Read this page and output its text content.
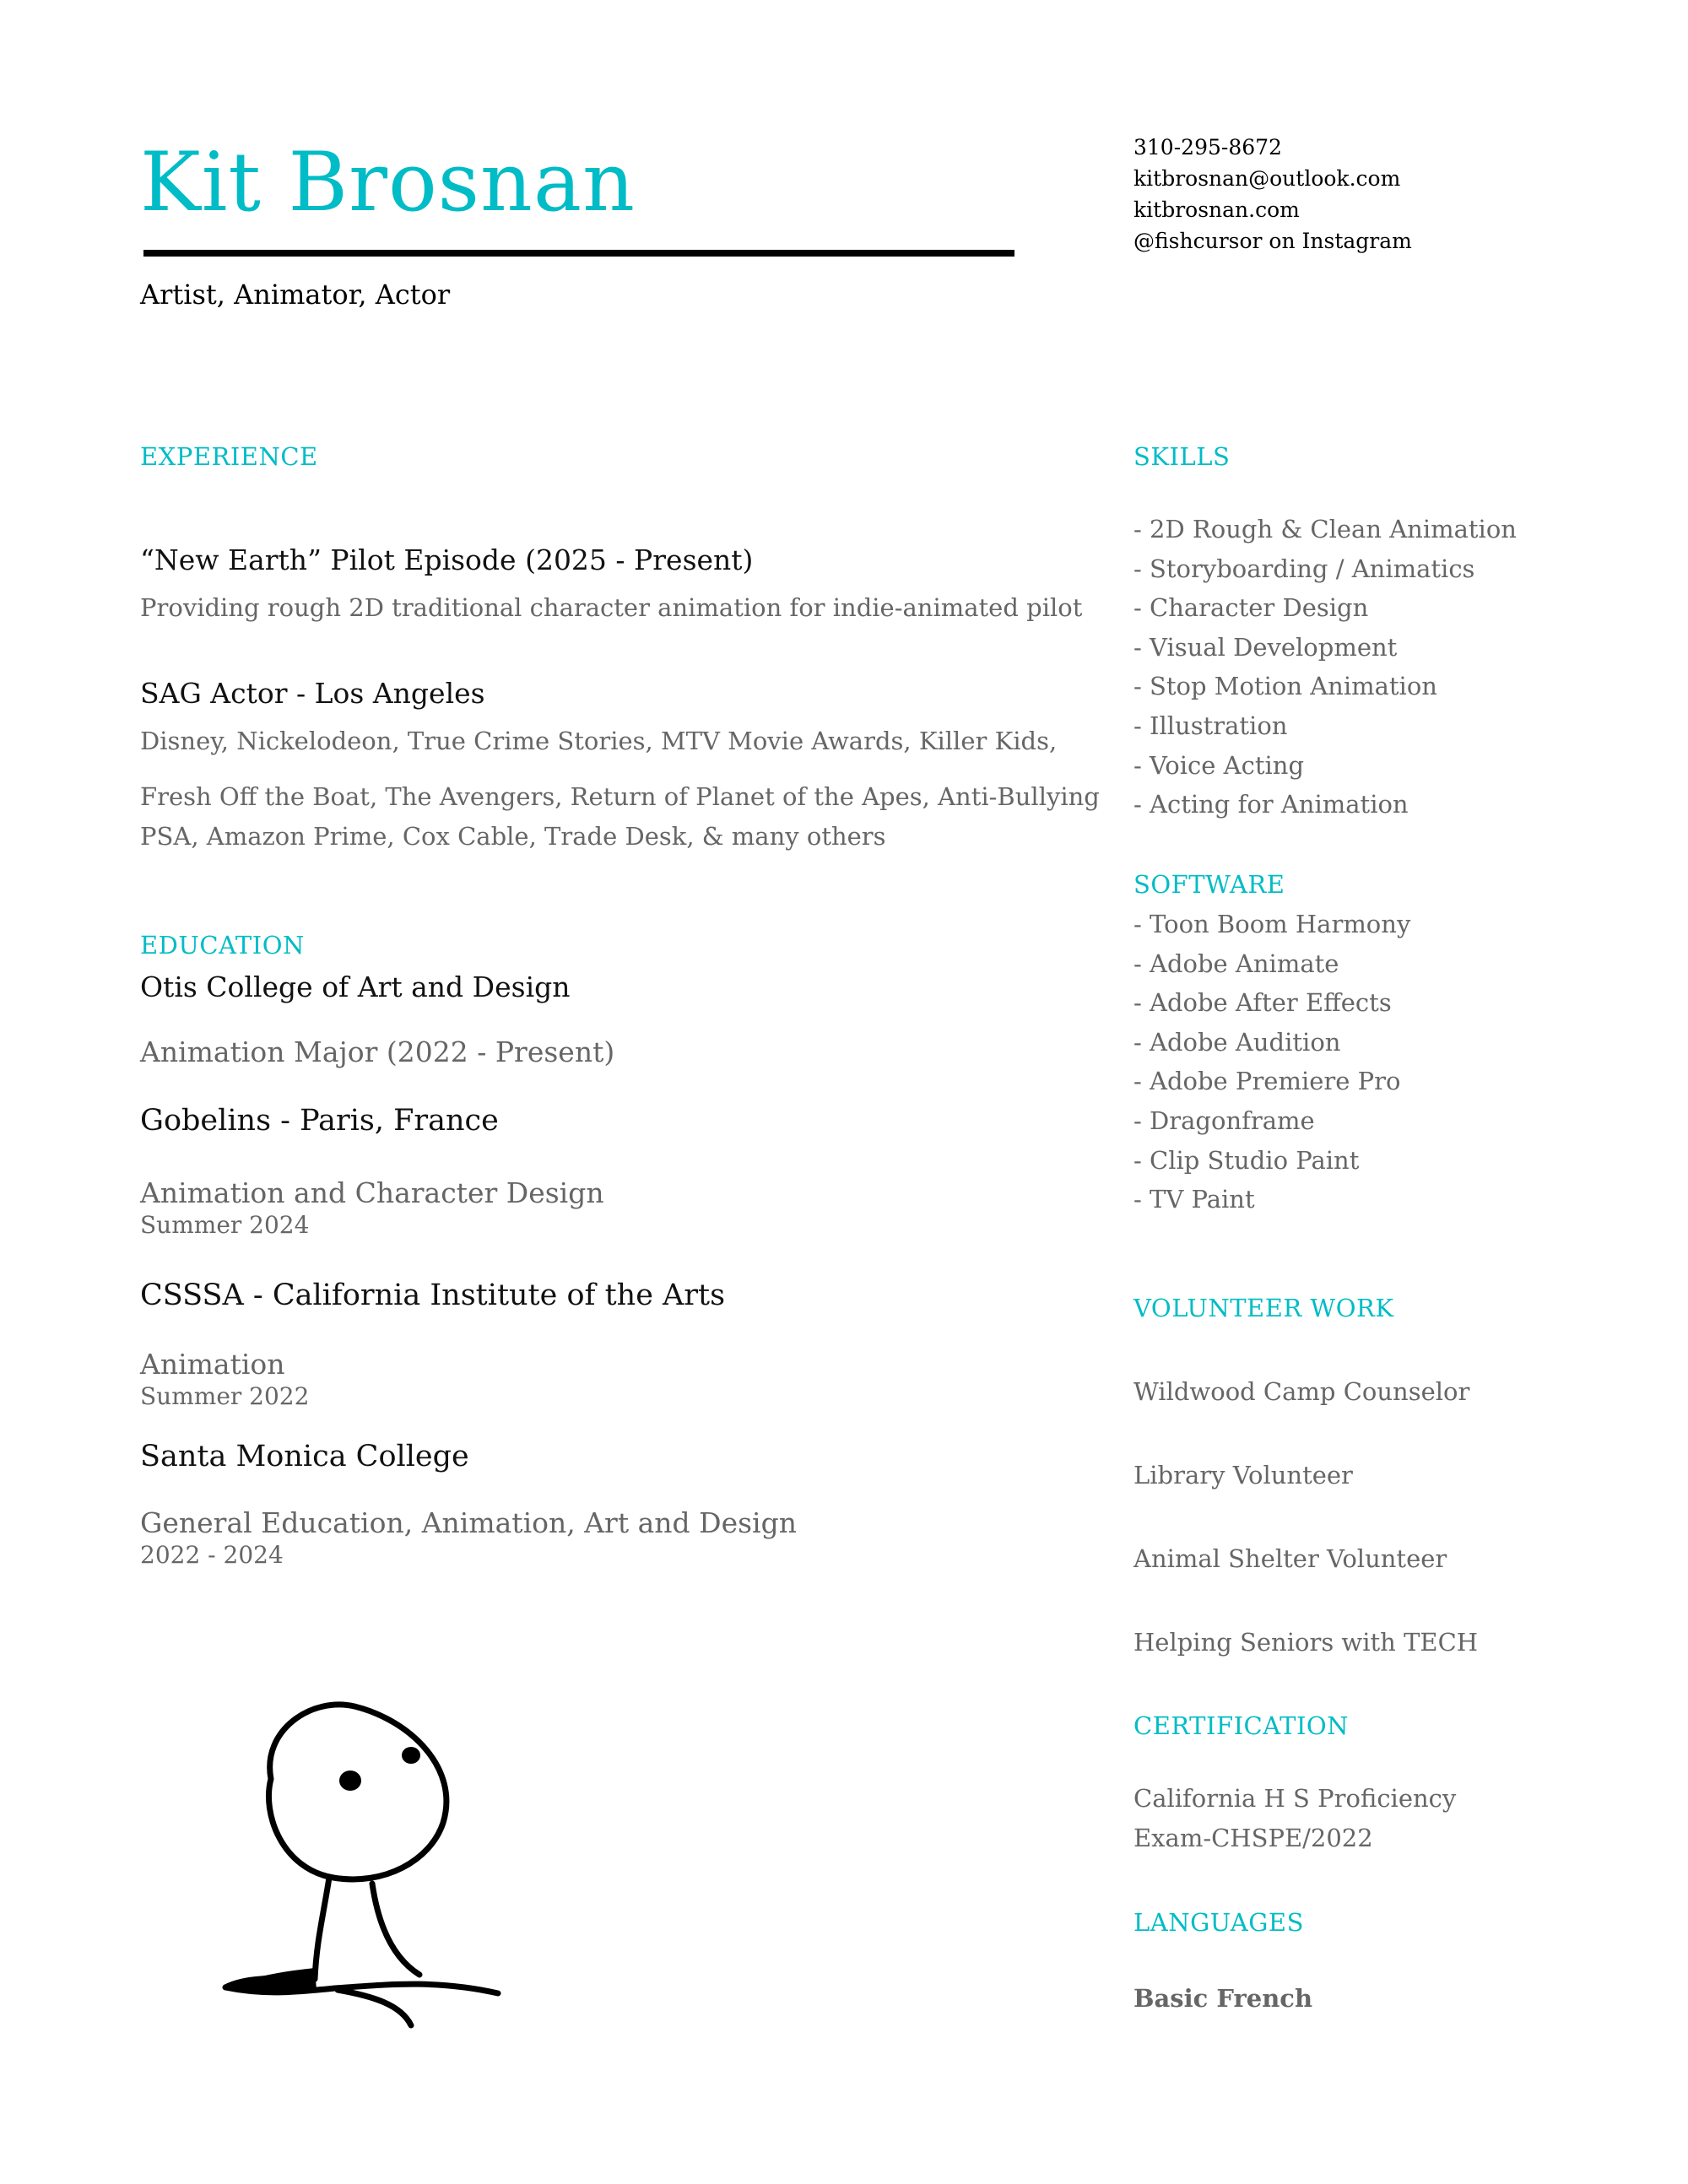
Kit Brosnan
Artist, Animator, Actor
310-295-8672
kitbrosnan@outlook.com
kitbrosnan.com
@fishcursor on Instagram
EXPERIENCE
“New Earth” Pilot Episode (2025 - Present)
Providing rough 2D traditional character animation for indie-animated pilot
SAG Actor - Los Angeles
Disney, Nickelodeon, True Crime Stories, MTV Movie Awards, Killer Kids,
Fresh Off the Boat, The Avengers, Return of Planet of the Apes, Anti-Bullying
PSA, Amazon Prime, Cox Cable, Trade Desk, & many others
EDUCATION
Otis College of Art and Design
Animation Major (2022 - Present)
Gobelins - Paris, France
Animation and Character Design
Summer 2024
CSSSA - California Institute of the Arts
Animation
Summer 2022
Santa Monica College
General Education, Animation, Art and Design
2022 - 2024
SKILLS
- 2D Rough & Clean Animation
- Storyboarding / Animatics
- Character Design
- Visual Development
- Stop Motion Animation
- Illustration
- Voice Acting
- Acting for Animation
SOFTWARE
- Toon Boom Harmony
- Adobe Animate
- Adobe After Effects
- Adobe Audition
- Adobe Premiere Pro
- Dragonframe
- Clip Studio Paint
- TV Paint
VOLUNTEER WORK
Wildwood Camp Counselor
Library Volunteer
Animal Shelter Volunteer
Helping Seniors with TECH
CERTIFICATION
California H S Proficiency
Exam-CHSPE/2022
LANGUAGES
Basic French
